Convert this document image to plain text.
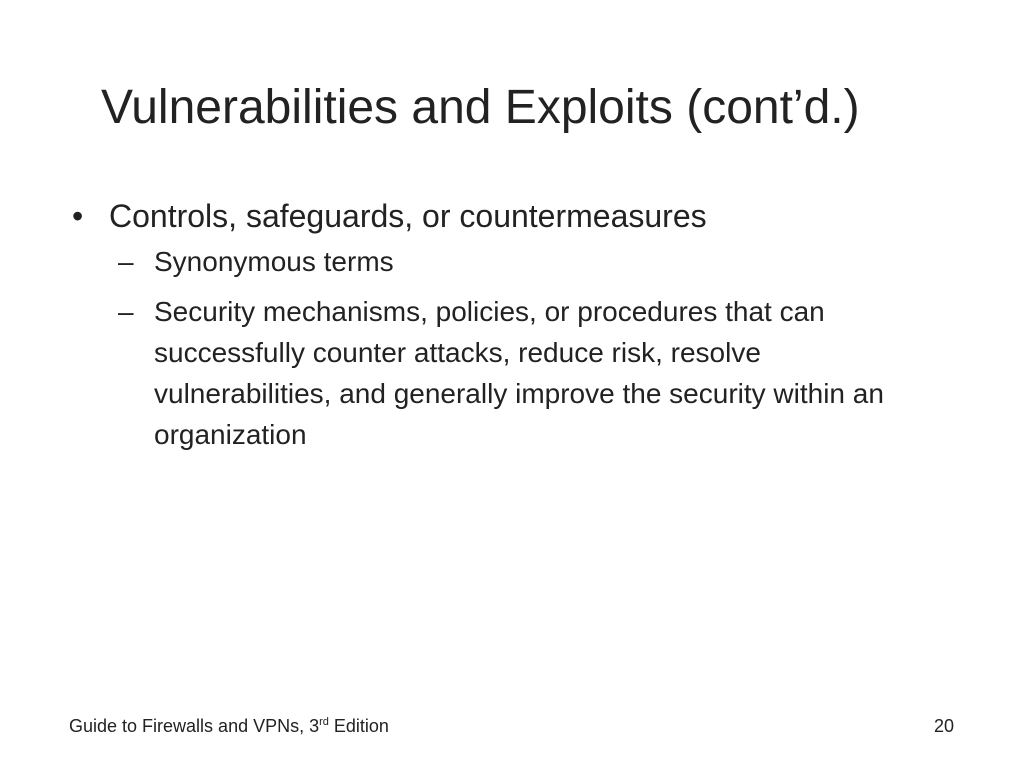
Vulnerabilities and Exploits (cont’d.)
• Controls, safeguards, or countermeasures
– Synonymous terms
– Security mechanisms, policies, or procedures that can successfully counter attacks, reduce risk, resolve vulnerabilities, and generally improve the security within an organization
Guide to Firewalls and VPNs, 3rd Edition	20
